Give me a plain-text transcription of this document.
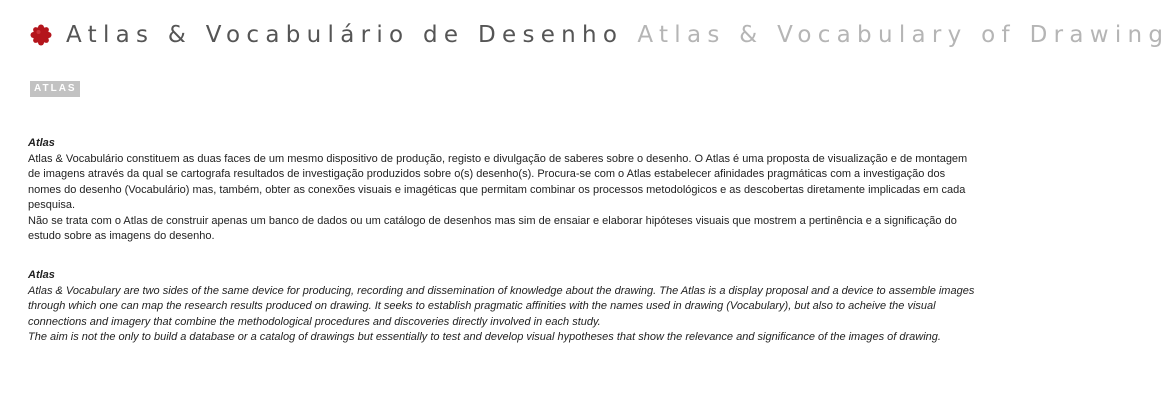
Atlas & Vocabulário de Desenho Atlas & Vocabulary of Drawing
ATLAS
Atlas

Atlas & Vocabulário constituem as duas faces de um mesmo dispositivo de produção, registo e divulgação de saberes sobre o desenho. O Atlas é uma proposta de visualização e de montagem de imagens através da qual se cartografa resultados de investigação produzidos sobre o(s) desenho(s). Procura-se com o Atlas estabelecer afinidades pragmáticas com a investigação dos nomes do desenho (Vocabulário) mas, também, obter as conexões visuais e imagéticas que permitam combinar os processos metodológicos e as descobertas diretamente implicadas em cada pesquisa.

Não se trata com o Atlas de construir apenas um banco de dados ou um catálogo de desenhos mas sim de ensaiar e elaborar hipóteses visuais que mostrem a pertinência e a significação do estudo sobre as imagens do desenho.

Atlas

Atlas & Vocabulary are two sides of the same device for producing, recording and dissemination of knowledge about the drawing. The Atlas is a display proposal and a device to assemble images through which one can map the research results produced on drawing. It seeks to establish pragmatic affinities with the names used in drawing (Vocabulary), but also to acheive the visual connections and imagery that combine the methodological procedures and discoveries directly involved in each study.

The aim is not the only to build a database or a catalog of drawings but essentially to test and develop visual hypotheses that show the relevance and significance of the images of drawing.
